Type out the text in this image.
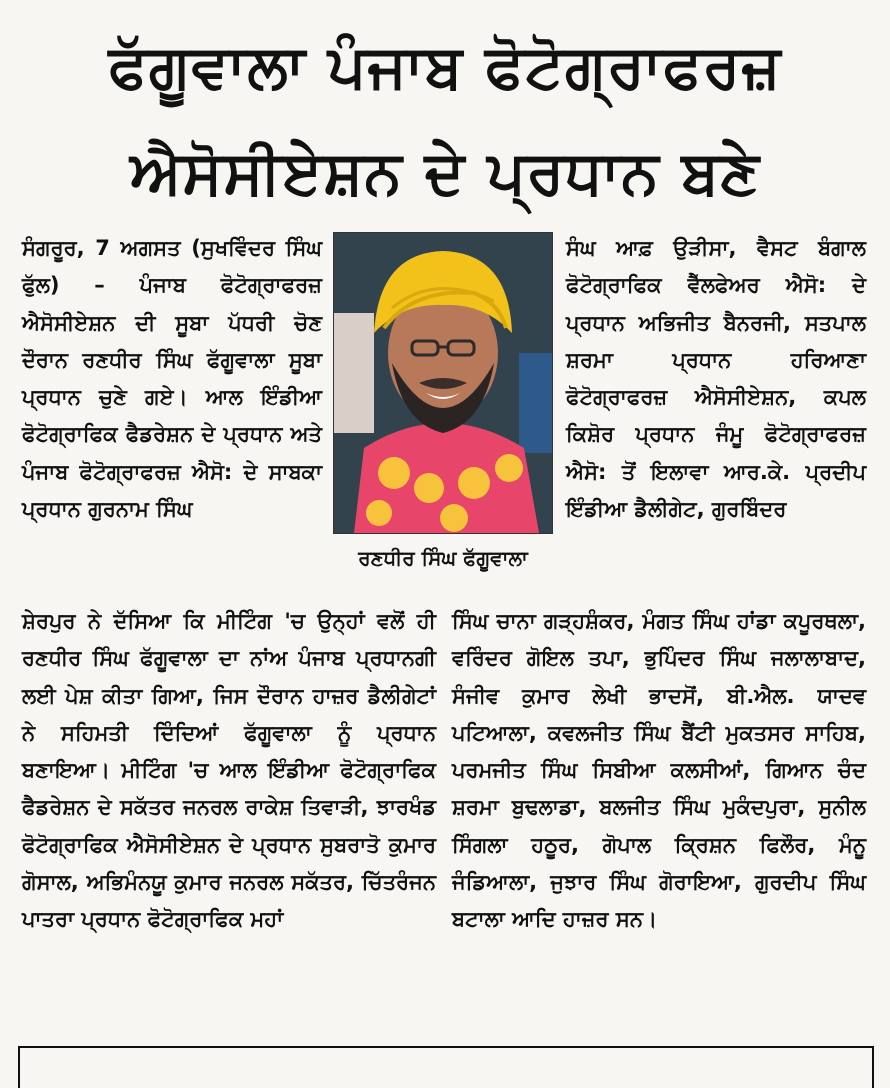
ਫੱਗੂਵਾਲਾ ਪੰਜਾਬ ਫੋਟੋਗ੍ਰਾਫਰਜ਼
ਐਸੋਸੀਏਸ਼ਨ ਦੇ ਪ੍ਰਧਾਨ ਬਣੇ

ਸੰਗਰੂਰ, 7 ਅਗਸਤ (ਸੁਖਵਿੰਦਰ ਸਿੰਘ ਫੁੱਲ) – ਪੰਜਾਬ ਫੋਟੋਗ੍ਰਾਫਰਜ਼ ਐਸੋਸੀਏਸ਼ਨ ਦੀ ਸੂਬਾ ਪੱਧਰੀ ਚੋਣ ਦੌਰਾਨ ਰਣਧੀਰ ਸਿੰਘ ਫੱਗੂਵਾਲਾ ਸੂਬਾ ਪ੍ਰਧਾਨ ਚੁਣੇ ਗਏ। ਆਲ ਇੰਡੀਆ ਫੋਟੋਗ੍ਰਾਫਿਕ ਫੈਡਰੇਸ਼ਨ ਦੇ ਪ੍ਰਧਾਨ ਅਤੇ ਪੰਜਾਬ ਫੋਟੋਗ੍ਰਾਫਰਜ਼ ਐਸੋ: ਦੇ ਸਾਬਕਾ ਪ੍ਰਧਾਨ ਗੁਰਨਾਮ ਸਿੰਘ

ਰਣਧੀਰ ਸਿੰਘ ਫੱਗੂਵਾਲਾ

ਸੰਘ ਆਫ਼ ਉੜੀਸਾ, ਵੈਸਟ ਬੰਗਾਲ ਫੋਟੋਗ੍ਰਾਫਿਕ ਵੈੱਲਫੇਅਰ ਐਸੋ: ਦੇ ਪ੍ਰਧਾਨ ਅਭਿਜੀਤ ਬੈਨਰਜੀ, ਸਤਪਾਲ ਸ਼ਰਮਾ ਪ੍ਰਧਾਨ ਹਰਿਆਣਾ ਫੋਟੋਗ੍ਰਾਫਰਜ਼ ਐਸੋਸੀਏਸ਼ਨ, ਕਪਲ ਕਿਸ਼ੋਰ ਪ੍ਰਧਾਨ ਜੰਮੂ ਫੋਟੋਗ੍ਰਾਫਰਜ਼ ਐਸੋ: ਤੋਂ ਇਲਾਵਾ ਆਰ.ਕੇ. ਪ੍ਰਦੀਪ ਇੰਡੀਆ ਡੈਲੀਗੇਟ, ਗੁਰਬਿੰਦਰ

ਸ਼ੇਰਪੁਰ ਨੇ ਦੱਸਿਆ ਕਿ ਮੀਟਿੰਗ 'ਚ ਉਨ੍ਹਾਂ ਵਲੋਂ ਹੀ ਰਣਧੀਰ ਸਿੰਘ ਫੱਗੂਵਾਲਾ ਦਾ ਨਾਂਅ ਪੰਜਾਬ ਪ੍ਰਧਾਨਗੀ ਲਈ ਪੇਸ਼ ਕੀਤਾ ਗਿਆ, ਜਿਸ ਦੌਰਾਨ ਹਾਜ਼ਰ ਡੈਲੀਗੇਟਾਂ ਨੇ ਸਹਿਮਤੀ ਦਿੰਦਿਆਂ ਫੱਗੂਵਾਲਾ ਨੂੰ ਪ੍ਰਧਾਨ ਬਣਾਇਆ। ਮੀਟਿੰਗ 'ਚ ਆਲ ਇੰਡੀਆ ਫੋਟੋਗ੍ਰਾਫਿਕ ਫੈਡਰੇਸ਼ਨ ਦੇ ਸਕੱਤਰ ਜਨਰਲ ਰਾਕੇਸ਼ ਤਿਵਾੜੀ, ਝਾਰਖੰਡ ਫੋਟੋਗ੍ਰਾਫਿਕ ਐਸੋਸੀਏਸ਼ਨ ਦੇ ਪ੍ਰਧਾਨ ਸੁਬਰਾਤੋ ਕੁਮਾਰ ਗੋਸਾਲ, ਅਭਿਮੰਨਯੂ ਕੁਮਾਰ ਜਨਰਲ ਸਕੱਤਰ, ਚਿੱਤਰੰਜਨ ਪਾਤਰਾ ਪ੍ਰਧਾਨ ਫੋਟੋਗ੍ਰਾਫਿਕ ਮਹਾਂ

ਸਿੰਘ ਚਾਨਾ ਗੜ੍ਹਸ਼ੰਕਰ, ਮੰਗਤ ਸਿੰਘ ਹਾਂਡਾ ਕਪੂਰਥਲਾ, ਵਰਿੰਦਰ ਗੋਇਲ ਤਪਾ, ਭੁਪਿੰਦਰ ਸਿੰਘ ਜਲਾਲਾਬਾਦ, ਸੰਜੀਵ ਕੁਮਾਰ ਲੇਖੀ ਭਾਦਸੋਂ, ਬੀ.ਐਲ. ਯਾਦਵ ਪਟਿਆਲਾ, ਕਵਲਜੀਤ ਸਿੰਘ ਬੈਂਟੀ ਮੁਕਤਸਰ ਸਾਹਿਬ, ਪਰਮਜੀਤ ਸਿੰਘ ਸਿਬੀਆ ਕਲਸੀਆਂ, ਗਿਆਨ ਚੰਦ ਸ਼ਰਮਾ ਬੁਢਲਾਡਾ, ਬਲਜੀਤ ਸਿੰਘ ਮੁਕੰਦਪੁਰਾ, ਸੁਨੀਲ ਸਿੰਗਲਾ ਹਠੂਰ, ਗੋਪਾਲ ਕ੍ਰਿਸ਼ਨ ਫਿਲੌਰ, ਮੰਨੂ ਜੰਡਿਆਲਾ, ਜੁਝਾਰ ਸਿੰਘ ਗੋਰਾਇਆ, ਗੁਰਦੀਪ ਸਿੰਘ ਬਟਾਲਾ ਆਦਿ ਹਾਜ਼ਰ ਸਨ।
